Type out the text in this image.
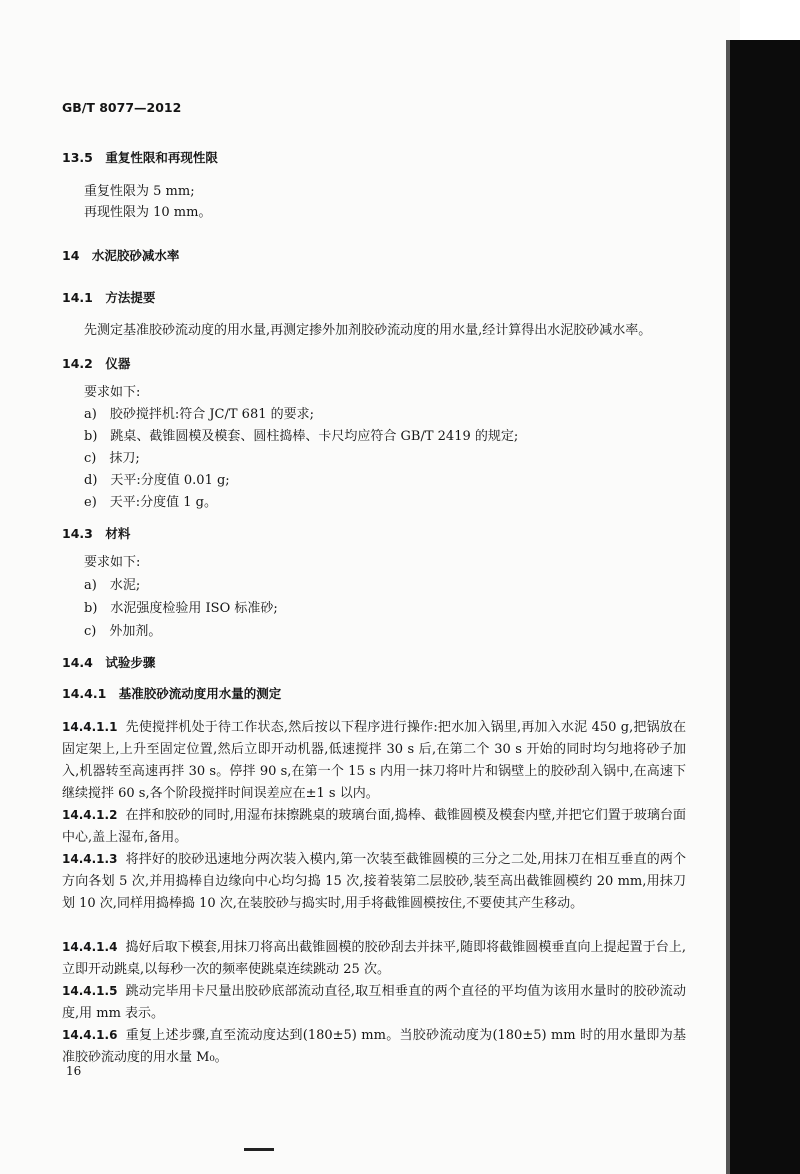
GB/T 8077—2012
13.5　重复性限和再现性限
重复性限为 5 mm;
再现性限为 10 mm。
14　水泥胶砂减水率
14.1　方法提要
先测定基准胶砂流动度的用水量,再测定掺外加剂胶砂流动度的用水量,经计算得出水泥胶砂减水率。
14.2　仪器
要求如下:
a)　胶砂搅拌机:符合 JC/T 681 的要求;
b)　跳桌、截锥圆模及模套、圆柱捣棒、卡尺均应符合 GB/T 2419 的规定;
c)　抹刀;
d)　天平:分度值 0.01 g;
e)　天平:分度值 1 g。
14.3　材料
要求如下:
a)　水泥;
b)　水泥强度检验用 ISO 标准砂;
c)　外加剂。
14.4　试验步骤
14.4.1　基准胶砂流动度用水量的测定
14.4.1.1 先使搅拌机处于待工作状态,然后按以下程序进行操作:把水加入锅里,再加入水泥 450 g,把锅放在固定架上,上升至固定位置,然后立即开动机器,低速搅拌 30 s 后,在第二个 30 s 开始的同时均匀地将砂子加入,机器转至高速再拌 30 s。停拌 90 s,在第一个 15 s 内用一抹刀将叶片和锅壁上的胶砂刮入锅中,在高速下继续搅拌 60 s,各个阶段搅拌时间误差应在±1 s 以内。
14.4.1.2 在拌和胶砂的同时,用湿布抹擦跳桌的玻璃台面,捣棒、截锥圆模及模套内壁,并把它们置于玻璃台面中心,盖上湿布,备用。
14.4.1.3 将拌好的胶砂迅速地分两次装入模内,第一次装至截锥圆模的三分之二处,用抹刀在相互垂直的两个方向各划 5 次,并用捣棒自边缘向中心均匀捣 15 次,接着装第二层胶砂,装至高出截锥圆模约 20 mm,用抹刀划 10 次,同样用捣棒捣 10 次,在装胶砂与捣实时,用手将截锥圆模按住,不要使其产生移动。
14.4.1.4 捣好后取下模套,用抹刀将高出截锥圆模的胶砂刮去并抹平,随即将截锥圆模垂直向上提起置于台上,立即开动跳桌,以每秒一次的频率使跳桌连续跳动 25 次。
14.4.1.5 跳动完毕用卡尺量出胶砂底部流动直径,取互相垂直的两个直径的平均值为该用水量时的胶砂流动度,用 mm 表示。
14.4.1.6 重复上述步骤,直至流动度达到(180±5) mm。当胶砂流动度为(180±5) mm 时的用水量即为基准胶砂流动度的用水量 M₀。
16
